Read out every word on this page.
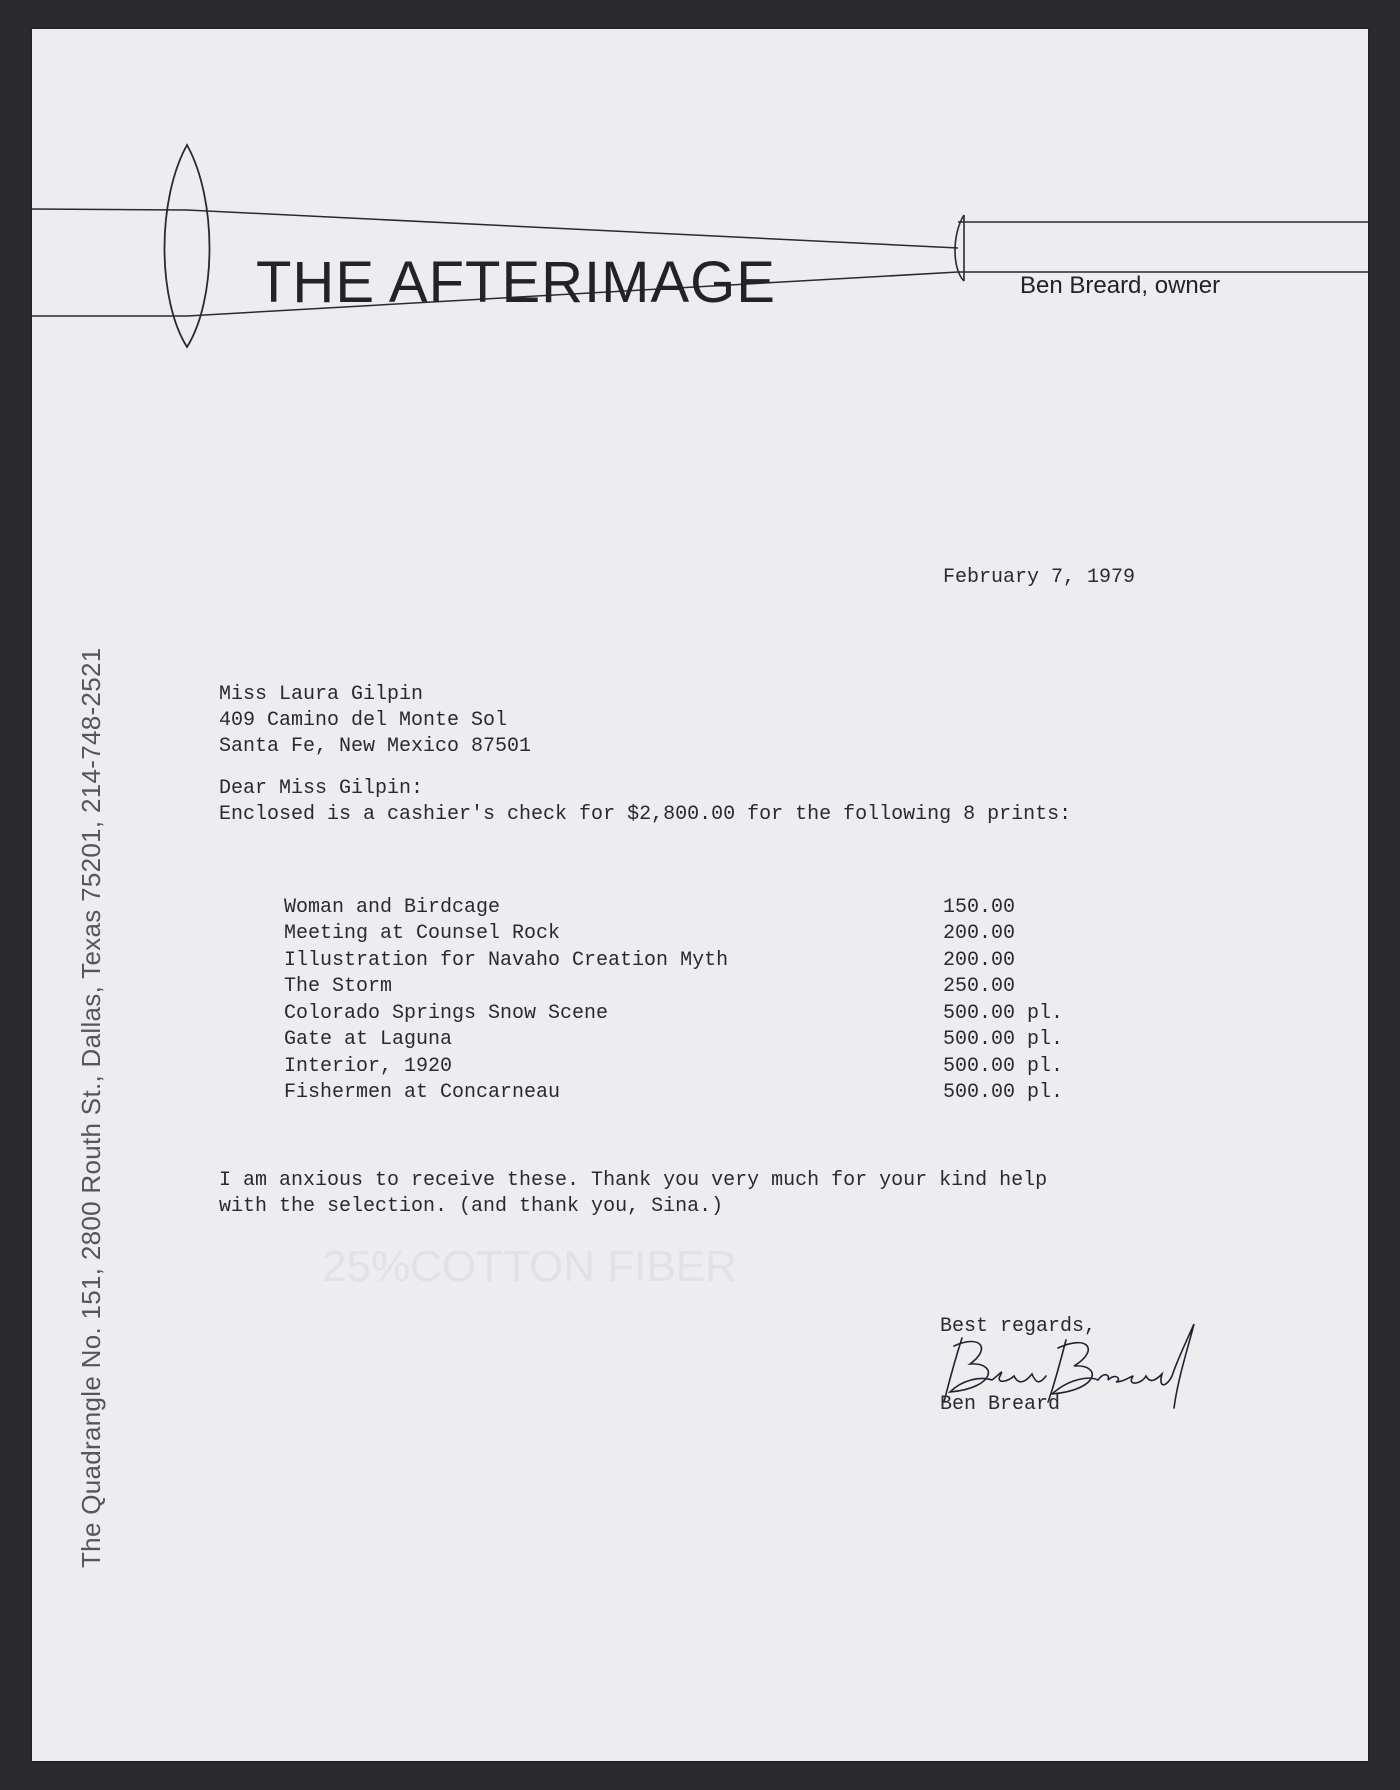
THE AFTERIMAGE	Ben Breard, owner
The Quadrangle No. 151, 2800 Routh St., Dallas, Texas 75201, 214-748-2521	25%COTTON FIBER
February 7, 1979
Miss Laura Gilpin
409 Camino del Monte Sol
Santa Fe, New Mexico 87501
Dear Miss Gilpin:
Enclosed is a cashier's check for $2,800.00 for the following 8 prints:
Woman and Birdcage	150.00
Meeting at Counsel Rock	200.00
Illustration for Navaho Creation Myth	200.00
The Storm	250.00
Colorado Springs Snow Scene	500.00 pl.
Gate at Laguna	500.00 pl.
Interior, 1920	500.00 pl.
Fishermen at Concarneau	500.00 pl.
I am anxious to receive these. Thank you very much for your kind help
with the selection. (and thank you, Sina.)
Best regards,
Ben Breard
